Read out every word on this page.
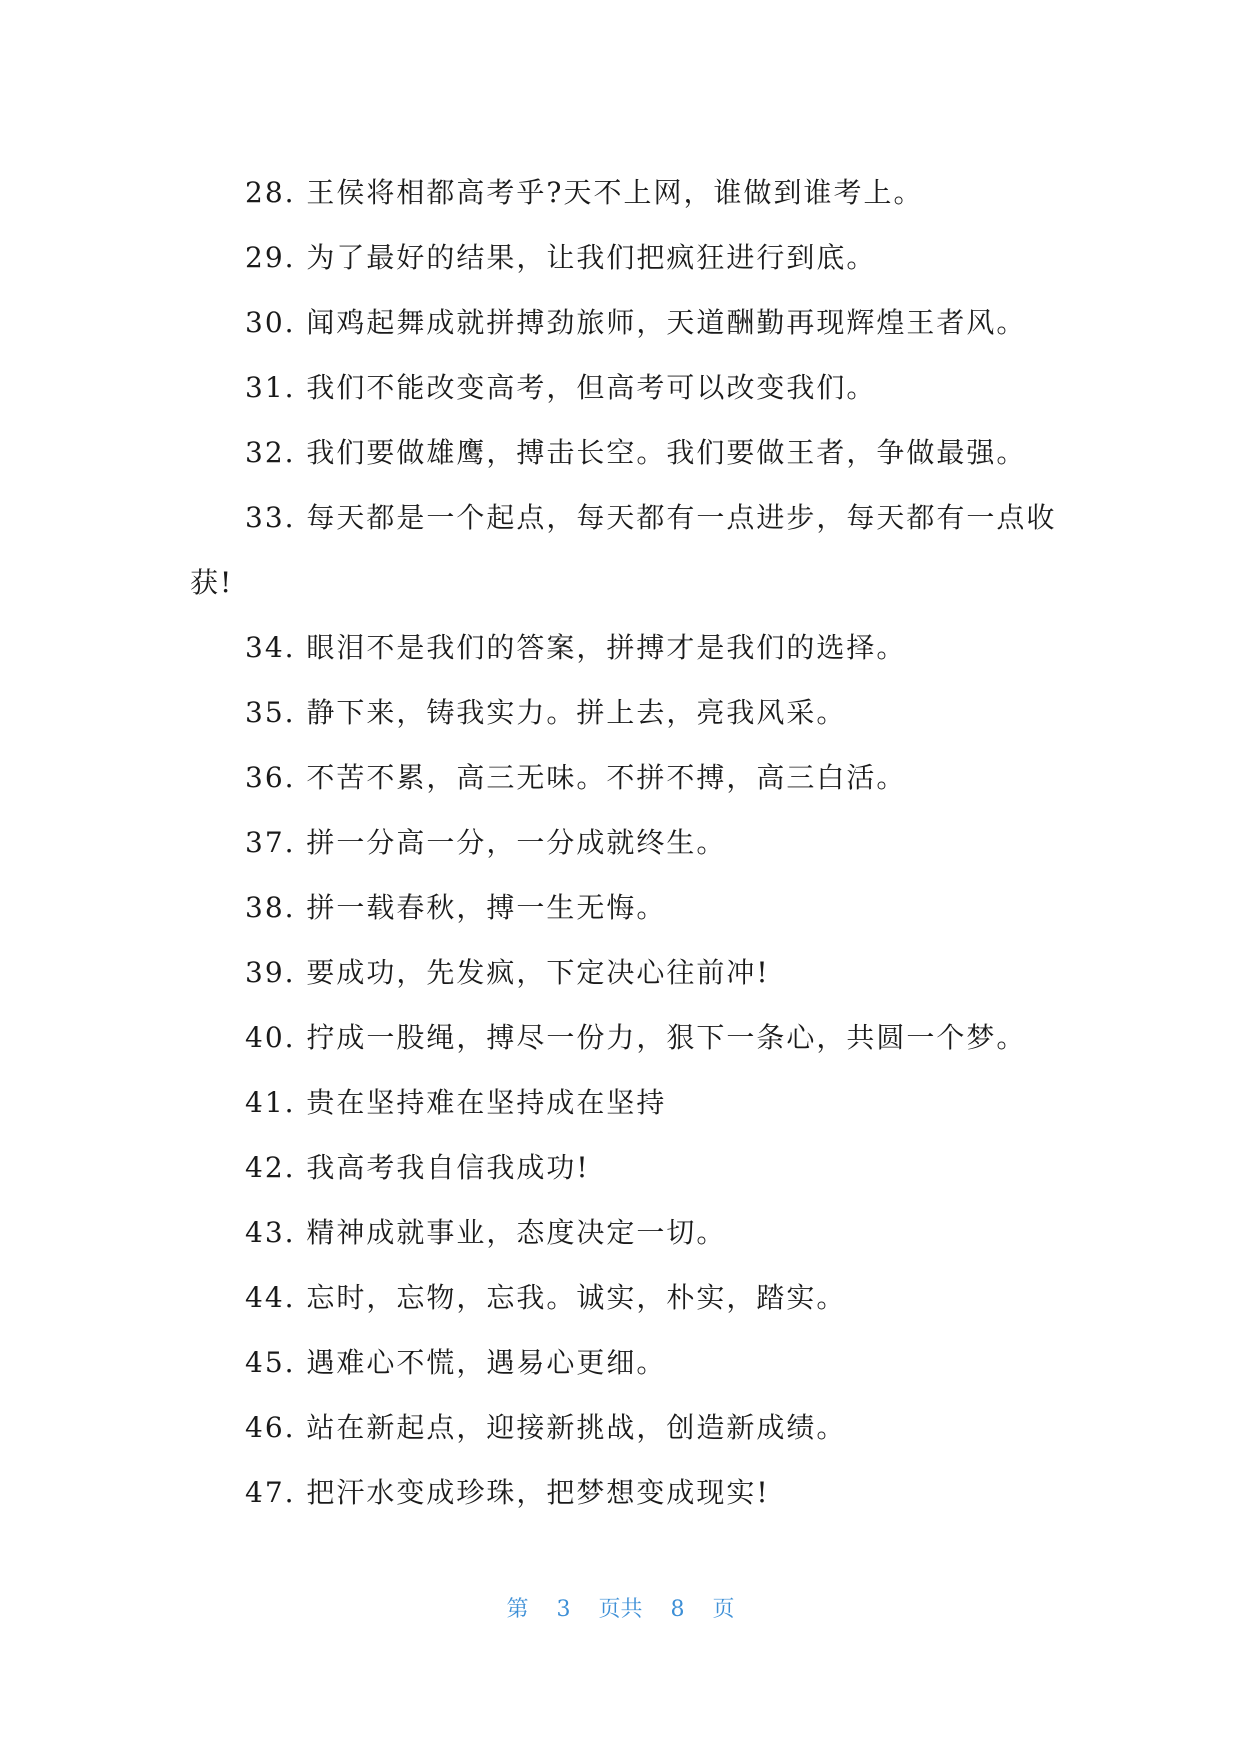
28. 王侯将相都高考乎?天不上网，谁做到谁考上。
29. 为了最好的结果，让我们把疯狂进行到底。
30. 闻鸡起舞成就拼搏劲旅师，天道酬勤再现辉煌王者风。
31. 我们不能改变高考，但高考可以改变我们。
32. 我们要做雄鹰，搏击长空。我们要做王者，争做最强。
33. 每天都是一个起点，每天都有一点进步，每天都有一点收
获!
34. 眼泪不是我们的答案，拼搏才是我们的选择。
35. 静下来，铸我实力。拼上去，亮我风采。
36. 不苦不累，高三无味。不拼不搏，高三白活。
37. 拼一分高一分，一分成就终生。
38. 拼一载春秋，搏一生无悔。
39. 要成功，先发疯，下定决心往前冲!
40. 拧成一股绳，搏尽一份力，狠下一条心，共圆一个梦。
41. 贵在坚持难在坚持成在坚持
42. 我高考我自信我成功!
43. 精神成就事业，态度决定一切。
44. 忘时，忘物，忘我。诚实，朴实，踏实。
45. 遇难心不慌，遇易心更细。
46. 站在新起点，迎接新挑战，创造新成绩。
47. 把汗水变成珍珠，把梦想变成现实!
第 3 页共 8 页
